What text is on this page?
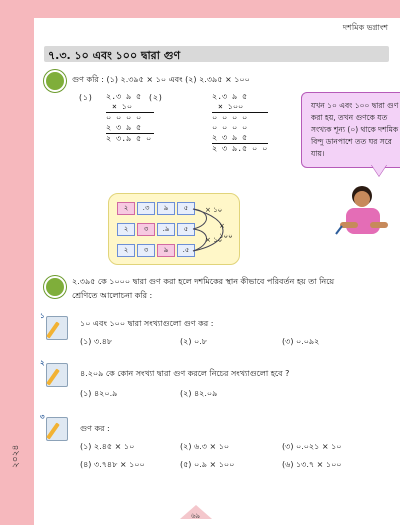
দশমিক ভগ্নাংশ
৭.৩. ১০ এবং ১০০ দ্বারা গুণ
গুণ করি : (১) ২.৩৯৫ × ১০ এবং (২) ২.৩৯৫ × ১০০
(১)	(২)
২.৩ ৯ ৫
× ১০
০ ০ ০ ০
২ ৩ ৯ ৫
২ ৩.৯ ৫ ০
২.৩ ৯ ৫
× ১০০
০ ০ ০ ০
০ ০ ০ ০
২ ৩ ৯ ৫
২ ৩ ৯.৫ ০ ০
যখন ১০ এবং ১০০ দ্বারা গুণ করা হয়, তখন গুণকে যত সংখ্যক শূন্য (০) থাকে দশমিক বিন্দু ডানপাশে তত ঘর সরে যায়।
২	.৩	৯	৫
২	৩	.৯	৫
২	৩	৯	.৫
× ১০
× ১০
× ১০০
২.৩৯৫ কে ১০০০ দ্বারা গুণ করা হলে দশমিকের স্থান কীভাবে পরিবর্তন হয় তা নিয়ে
শ্রেণিতে আলোচনা করি :
১
১০ এবং ১০০ দ্বারা সংখ্যাগুলো গুণ কর :
(১) ৩.৪৮	(২) ০.৮	(৩) ০.০৯২
২
৪.২০৯ কে কোন সংখ্যা দ্বারা গুণ করলে নিচের সংখ্যাগুলো হবে ?
(১) ৪২০.৯	(২) ৪২.০৯
৩
গুণ কর :
(১) ২.৪৫ × ১০	(২) ৬.৩ × ১০	(৩) ০.০২১ × ১০
(৪) ৩.৭৪৮ × ১০০	(৫) ০.৯ × ১০০	(৬) ১৩.৭ × ১০০
৬৯
২০২৪
